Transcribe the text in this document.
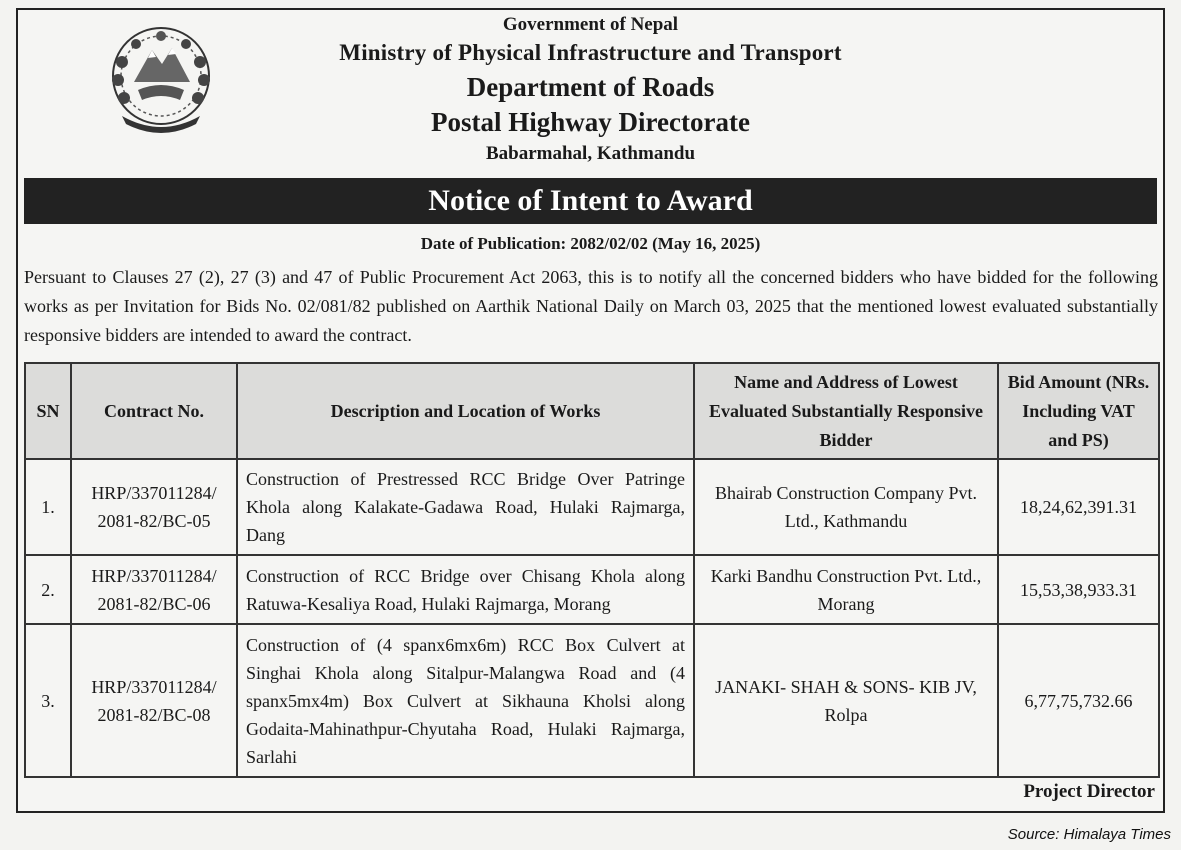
Government of Nepal
Ministry of Physical Infrastructure and Transport
Department of Roads
Postal Highway Directorate
Babarmahal, Kathmandu
Notice of Intent to Award
Date of Publication: 2082/02/02 (May 16, 2025)
Persuant to Clauses 27 (2), 27 (3) and 47 of Public Procurement Act 2063, this is to notify all the concerned bidders who have bidded for the following works as per Invitation for Bids No. 02/081/82 published on Aarthik National Daily on March 03, 2025 that the mentioned lowest evaluated substantially responsive bidders are intended to award the contract.
SN	Contract No.	Description and Location of Works	Name and Address of Lowest Evaluated Substantially Responsive Bidder	Bid Amount (NRs. Including VAT and PS)
1.	HRP/337011284/ 2081-82/BC-05	Construction of Prestressed RCC Bridge Over Patringe Khola along Kalakate-Gadawa Road, Hulaki Rajmarga, Dang	Bhairab Construction Company Pvt. Ltd., Kathmandu	18,24,62,391.31
2.	HRP/337011284/ 2081-82/BC-06	Construction of RCC Bridge over Chisang Khola along Ratuwa-Kesaliya Road, Hulaki Rajmarga, Morang	Karki Bandhu Construction Pvt. Ltd., Morang	15,53,38,933.31
3.	HRP/337011284/ 2081-82/BC-08	Construction of (4 spanx6mx6m) RCC Box Culvert at Singhai Khola along Sitalpur-Malangwa Road and (4 spanx5mx4m) Box Culvert at Sikhauna Kholsi along Godaita-Mahinathpur-Chyutaha Road, Hulaki Rajmarga, Sarlahi	JANAKI- SHAH & SONS- KIB JV, Rolpa	6,77,75,732.66
Project Director
Source: Himalaya Times
